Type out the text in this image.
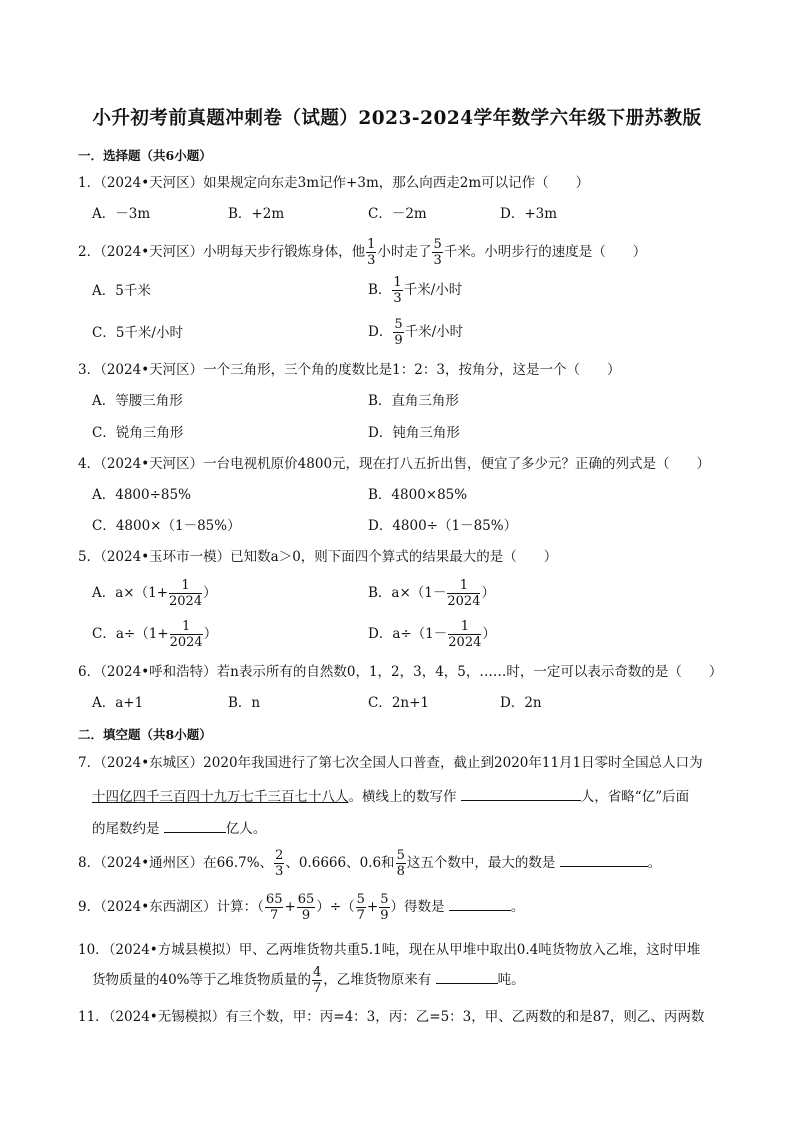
小升初考前真题冲刺卷（试题）2023-2024学年数学六年级下册苏教版
一．选择题（共6小题）
1．（2024•天河区）如果规定向东走3m记作+3m，那么向西走2m可以记作（　　）
A．－3m	B．+2m	C．－2m	D．+3m
2．（2024•天河区）小明每天步行锻炼身体，他 $\frac{1}{3}$ 小时走了 $\frac{5}{3}$ 千米。小明步行的速度是（　　）
A．5千米	B． $\frac{1}{3}$ 千米/小时
C．5千米/小时	D． $\frac{5}{9}$ 千米/小时
3．（2024•天河区）一个三角形，三个角的度数比是1：2：3，按角分，这是一个（　　）
A．等腰三角形	B．直角三角形
C．锐角三角形	D．钝角三角形
4．（2024•天河区）一台电视机原价4800元，现在打八五折出售，便宜了多少元？正确的列式是（　　）
A．4800÷85%	B．4800×85%
C．4800×（1－85%）	D．4800÷（1－85%）
5．（2024•玉环市一模）已知数a＞0，则下面四个算式的结果最大的是（　　）
A．$a\times(1+ \frac{1}{2024}$ ）	B．$a\times(1- \frac{1}{2024}$ ）
C．$a\div(1+ \frac{1}{2024}$ ）	D．$a\div(1- \frac{1}{2024}$ ）
6．（2024•呼和浩特）若n表示所有的自然数0，1，2，3，4，5，……时，一定可以表示奇数的是（　　）
A．a+1	B．n	C．2n+1	D．2n
二．填空题（共8小题）
7．（2024•东城区）2020年我国进行了第七次全国人口普查，截止到2020年11月1日零时全国总人口为
十四亿四千三百四十九万七千三百七十八人。横线上的数写作	人，省略“亿”后面
的尾数约是	亿人。
8．（2024•通州区）在66.7%、 $\frac{2}{3}$ 、0.6666、0.6和 $\frac{5}{8}$ 这五个数中，最大的数是	。
9．（2024•东西湖区）计算：（ $\frac{65}{7} + \frac{65}{9}$ ）÷（ $\frac{5}{7} + \frac{5}{9}$ ）得数是	。
10．（2024•方城县模拟）甲、乙两堆货物共重5.1吨，现在从甲堆中取出0.4吨货物放入乙堆，这时甲堆
货物质量的40%等于乙堆货物质量的 $\frac{4}{7}$ ，乙堆货物原来有	吨。
11．（2024•无锡模拟）有三个数，甲：丙=4：3，丙：乙=5：3，甲、乙两数的和是87，则乙、丙两数
